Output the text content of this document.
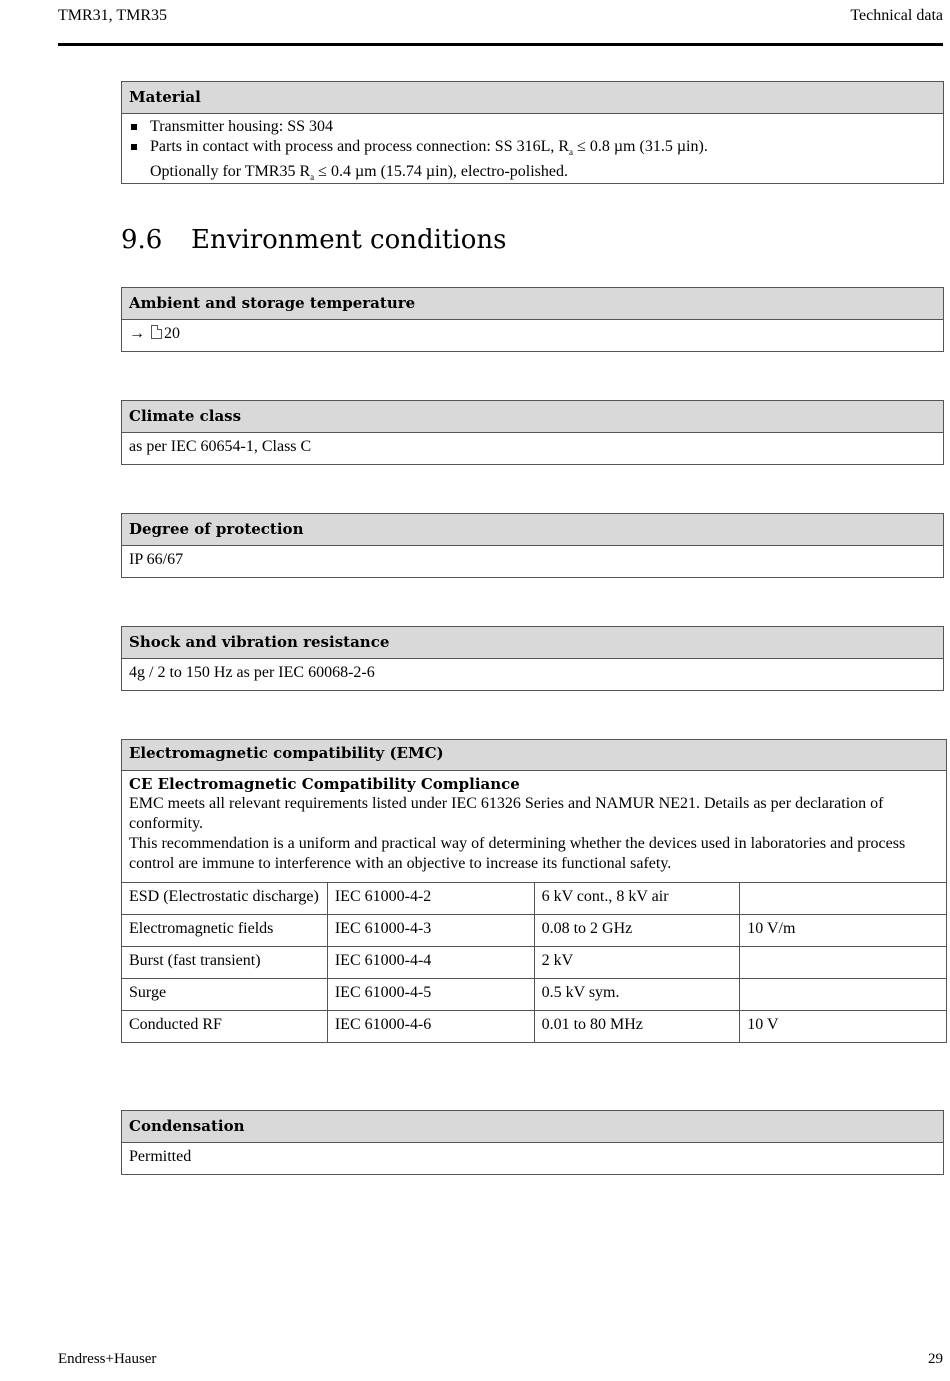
TMR31, TMR35	Technical data
Material
Transmitter housing: SS 304
Parts in contact with process and process connection: SS 316L, $R_a \le 0.8$ µm (31.5 µin).
Optionally for TMR35 $R_a \le 0.4$ µm (15.74 µin), electro-polished.
9.6 Environment conditions
Ambient and storage temperature
→ 20
Climate class
as per IEC 60654-1, Class C
Degree of protection
IP 66/67
Shock and vibration resistance
4g / 2 to 150 Hz as per IEC 60068-2-6
Electromagnetic compatibility (EMC)			

CE Electromagnetic Compatibility Compliance
EMC meets all relevant requirements listed under IEC 61326 Series and NAMUR NE21. Details as per declaration of conformity.
This recommendation is a uniform and practical way of determining whether the devices used in laboratories and process control are immune to interference with an objective to increase its functional safety.			

ESD (Electrostatic discharge)	IEC 61000-4-2	6 kV cont., 8 kV air	
Electromagnetic fields	IEC 61000-4-3	0.08 to 2 GHz	10 V/m
Burst (fast transient)	IEC 61000-4-4	2 kV	
Surge	IEC 61000-4-5	0.5 kV sym.	
Conducted RF	IEC 61000-4-6	0.01 to 80 MHz	10 V
Condensation
Permitted
Endress+Hauser	29
